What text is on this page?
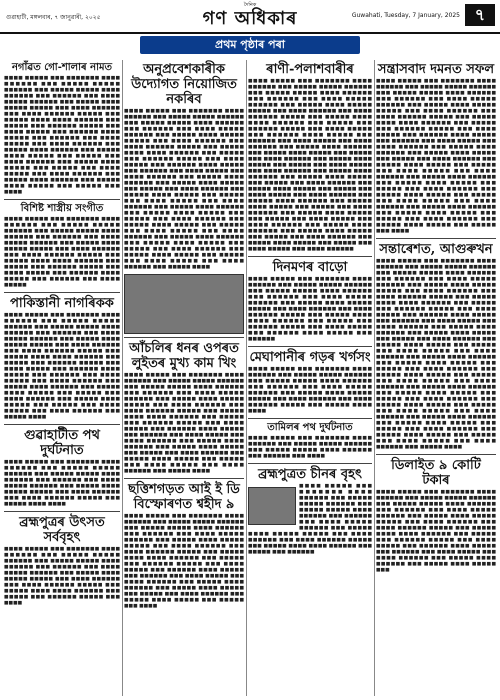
গুৱাহাটী, মঙ্গলবাৰ, ৭ জানুৱাৰী, ২০২৫
দৈনিক
গণ অধিকাৰ	Guwahati, Tuesday, 7 January, 2025 ৭
প্ৰথম পৃষ্ঠাৰ পৰা
নগাঁৱত গো-শালাৰ নামত

■■■■ ■■■■■ ■■■ ■■■■■■■ ■■■■ ■■■■■■ ■■■ ■■■■■ ■■■■■ ■■■■■■ ■■■ ■■■■■ ■■■■■ ■■■■ ■■■■■■ ■■■ ■■■■■■ ■■■ ■■■■ ■■■■■ ■■■■■■ ■■■ ■■■■■ ■■■■ ■■■■■ ■■■■■ ■■■ ■■■■ ■■■■■■ ■■■ ■■■■ ■■■■■■ ■■■■■ ■■■ ■■■■■ ■■■■ ■■■■ ■■■■■■ ■■■ ■■■■■ ■■■ ■■■■■■ ■■■■■ ■■■ ■■■■ ■■■■■ ■■■ ■■■■■■ ■■■■ ■■■■■ ■■■ ■■■■■■ ■■■ ■■■■ ■■■■■ ■■■ ■■■■ ■■■■■■ ■■■ ■■■■■ ■■■■ ■■■■■■ ■■■ ■■■■■ ■■■■ ■■■■■ ■■■ ■■■■■ ■■■ ■■■■ ■■■■■■ ■■■ ■■■■■ ■■■■ ■■■■■ ■■■ ■■■■■ ■■■ ■■■■ ■■■■■ ■■■ ■■■■ ■■■■■■ ■■■ ■■■■■ ■■■■ ■■■■■■ ■■■ ■■■■■ ■■■■ ■■■■■ ■■■ ■■■■■ ■■■ ■■■■

বিশিষ্ট শাস্ত্ৰীয় সংগীত

■■■■ ■■■■■ ■■■ ■■■■■■■ ■■■■ ■■■■■■ ■■■ ■■■■■ ■■■■■ ■■■■■■ ■■■ ■■■■■ ■■■■■ ■■■■ ■■■■■■ ■■■ ■■■■■■ ■■■ ■■■■ ■■■■■ ■■■■■■ ■■■ ■■■■■ ■■■■ ■■■■■ ■■■■■ ■■■ ■■■■ ■■■■■■ ■■■ ■■■■ ■■■■■■ ■■■■■ ■■■ ■■■■■ ■■■■ ■■■■ ■■■■■■ ■■■ ■■■■■ ■■■ ■■■■■■ ■■■■■ ■■■ ■■■■ ■■■■■ ■■■ ■■■■■■ ■■■■ ■■■■■ ■■■ ■■■■■■ ■■■ ■■■■ ■■■■■

পাকিস্তানী নাগৰিকক

■■■■ ■■■■■ ■■■ ■■■■■■■ ■■■■ ■■■■■■ ■■■ ■■■■■ ■■■■■ ■■■■■■ ■■■ ■■■■■ ■■■■■ ■■■■ ■■■■■■ ■■■ ■■■■■■ ■■■ ■■■■ ■■■■■ ■■■■■■ ■■■ ■■■■■ ■■■■ ■■■■■ ■■■■■ ■■■ ■■■■ ■■■■■■ ■■■ ■■■■ ■■■■■■ ■■■■■ ■■■ ■■■■■ ■■■■ ■■■■ ■■■■■■ ■■■ ■■■■■ ■■■ ■■■■■■ ■■■■■ ■■■ ■■■■ ■■■■■ ■■■ ■■■■■■ ■■■■ ■■■■■ ■■■ ■■■■■■ ■■■ ■■■■ ■■■■■ ■■■ ■■■■ ■■■■■■ ■■■ ■■■■■ ■■■■ ■■■■■■ ■■■ ■■■■■ ■■■■ ■■■■■ ■■■ ■■■■■ ■■■ ■■■■ ■■■■■■ ■■■ ■■■■■ ■■■■ ■■■■■ ■■■ ■■■■■ ■■■ ■■■■ ■■■■■ ■■■ ■■■■ ■■■■■■ ■■■ ■■■■■ ■■■■

গুৱাহাটীত পথ দুৰ্ঘটনাত

■■■■ ■■■■■ ■■■ ■■■■■■■ ■■■■ ■■■■■■ ■■■ ■■■■■ ■■■■■ ■■■■■■ ■■■ ■■■■■ ■■■■■ ■■■■ ■■■■■■ ■■■ ■■■■■■ ■■■ ■■■■ ■■■■■ ■■■■■■ ■■■ ■■■■■ ■■■■ ■■■■■ ■■■■■ ■■■ ■■■■ ■■■■■■ ■■■ ■■■■ ■■■■■■ ■■■■■ ■■■ ■■■■■ ■■■■ ■■■■

ব্ৰহ্মপুত্ৰৰ উৎসত সৰ্ববৃহৎ

■■■■ ■■■■■ ■■■ ■■■■■■■ ■■■■ ■■■■■■ ■■■ ■■■■■ ■■■■■ ■■■■■■ ■■■ ■■■■■ ■■■■■ ■■■■ ■■■■■■ ■■■ ■■■■■■ ■■■ ■■■■ ■■■■■ ■■■■■■ ■■■ ■■■■■ ■■■■ ■■■■■ ■■■■■ ■■■ ■■■■ ■■■■■■ ■■■ ■■■■ ■■■■■■ ■■■■■ ■■■ ■■■■■ ■■■■ ■■■■ ■■■■■■ ■■■ ■■■■■ ■■■ ■■■■■■ ■■■■■ ■■■ ■■■■

অনুপ্ৰবেশকাৰীক উদ্যোগত নিয়োজিত নকৰিব

■■■■ ■■■■■ ■■■ ■■■■■■■ ■■■■ ■■■■■■ ■■■ ■■■■■ ■■■■■ ■■■■■■ ■■■ ■■■■■ ■■■■■ ■■■■ ■■■■■■ ■■■ ■■■■■■ ■■■ ■■■■ ■■■■■ ■■■■■■ ■■■ ■■■■■ ■■■■ ■■■■■ ■■■■■ ■■■ ■■■■ ■■■■■■ ■■■ ■■■■ ■■■■■■ ■■■■■ ■■■ ■■■■■ ■■■■ ■■■■ ■■■■■■ ■■■ ■■■■■ ■■■ ■■■■■■ ■■■■■ ■■■ ■■■■ ■■■■■ ■■■ ■■■■■■ ■■■■ ■■■■■ ■■■ ■■■■■■ ■■■ ■■■■ ■■■■■ ■■■ ■■■■ ■■■■■■ ■■■ ■■■■■ ■■■■ ■■■■■■ ■■■ ■■■■■ ■■■■ ■■■■■ ■■■ ■■■■■ ■■■ ■■■■ ■■■■■■ ■■■ ■■■■■ ■■■■ ■■■■■ ■■■ ■■■■■ ■■■ ■■■■ ■■■■■ ■■■ ■■■■ ■■■■■■ ■■■ ■■■■■ ■■■■ ■■■■■■ ■■■ ■■■■■ ■■■■ ■■■■■ ■■■ ■■■■■ ■■■ ■■■■ ■■■■■■ ■■■ ■■■■■ ■■■■ ■■■■■ ■■■ ■■■■■ ■■■ ■■■■ ■■■■■ ■■■ ■■■■ ■■■■■■ ■■■ ■■■■■ ■■■■ ■■■■■■ ■■■ ■■■■■ ■■■■ ■■■■■ ■■■ ■■■■■ ■■■ ■■■■ ■■■■■■ ■■■ ■■■■■ ■■■■ ■■■■■ ■■■ ■■■■■ ■■■ ■■■■ ■■■■■ ■■■ ■■■■ ■■■■■■ ■■■ ■■■■■ ■■■■

আঁচলিৰ ধনৰ ওপৰত লুইতৰ মুখ্য কাম খিং

■■■■ ■■■■■ ■■■ ■■■■■■■ ■■■■ ■■■■■■ ■■■ ■■■■■ ■■■■■ ■■■■■■ ■■■ ■■■■■ ■■■■■ ■■■■ ■■■■■■ ■■■ ■■■■■■ ■■■ ■■■■ ■■■■■ ■■■■■■ ■■■ ■■■■■ ■■■■ ■■■■■ ■■■■■ ■■■ ■■■■ ■■■■■■ ■■■ ■■■■ ■■■■■■ ■■■■■ ■■■ ■■■■■ ■■■■ ■■■■ ■■■■■■ ■■■ ■■■■■ ■■■ ■■■■■■ ■■■■■ ■■■ ■■■■ ■■■■■ ■■■ ■■■■■■ ■■■■ ■■■■■ ■■■ ■■■■■■ ■■■ ■■■■ ■■■■■ ■■■ ■■■■ ■■■■■■ ■■■ ■■■■■ ■■■■ ■■■■■■ ■■■ ■■■■■ ■■■■ ■■■■■ ■■■ ■■■■■ ■■■ ■■■■ ■■■■■■ ■■■ ■■■■■ ■■■■ ■■■■■ ■■■ ■■■■■ ■■■ ■■■■ ■■■■■ ■■■ ■■■■ ■■■■■■ ■■■ ■■■■■ ■■■■

ছত্তিশগড়ত আই ই ডি বিস্ফোৰণত শ্বহীদ ৯

■■■■ ■■■■■ ■■■ ■■■■■■■ ■■■■ ■■■■■■ ■■■ ■■■■■ ■■■■■ ■■■■■■ ■■■ ■■■■■ ■■■■■ ■■■■ ■■■■■■ ■■■ ■■■■■■ ■■■ ■■■■ ■■■■■ ■■■■■■ ■■■ ■■■■■ ■■■■ ■■■■■ ■■■■■ ■■■ ■■■■ ■■■■■■ ■■■ ■■■■ ■■■■■■ ■■■■■ ■■■ ■■■■■ ■■■■ ■■■■ ■■■■■■ ■■■ ■■■■■ ■■■ ■■■■■■ ■■■■■ ■■■ ■■■■ ■■■■■ ■■■ ■■■■■■ ■■■■ ■■■■■ ■■■ ■■■■■■ ■■■ ■■■■ ■■■■■ ■■■ ■■■■ ■■■■■■ ■■■ ■■■■■ ■■■■ ■■■■■■ ■■■ ■■■■■ ■■■■ ■■■■■ ■■■ ■■■■■ ■■■ ■■■■ ■■■■■■ ■■■ ■■■■■ ■■■■ ■■■■■ ■■■ ■■■■■ ■■■ ■■■■

ৰাণী-পলাশবাৰীৰ

■■■■ ■■■■■ ■■■ ■■■■■■■ ■■■■ ■■■■■■ ■■■ ■■■■■ ■■■■■ ■■■■■■ ■■■ ■■■■■ ■■■■■ ■■■■ ■■■■■■ ■■■ ■■■■■■ ■■■ ■■■■ ■■■■■ ■■■■■■ ■■■ ■■■■■ ■■■■ ■■■■■ ■■■■■ ■■■ ■■■■ ■■■■■■ ■■■ ■■■■ ■■■■■■ ■■■■■ ■■■ ■■■■■ ■■■■ ■■■■ ■■■■■■ ■■■ ■■■■■ ■■■ ■■■■■■ ■■■■■ ■■■ ■■■■ ■■■■■ ■■■ ■■■■■■ ■■■■ ■■■■■ ■■■ ■■■■■■ ■■■ ■■■■ ■■■■■ ■■■ ■■■■ ■■■■■■ ■■■ ■■■■■ ■■■■ ■■■■■■ ■■■ ■■■■■ ■■■■ ■■■■■ ■■■ ■■■■■ ■■■ ■■■■ ■■■■■■ ■■■ ■■■■■ ■■■■ ■■■■■ ■■■ ■■■■■ ■■■ ■■■■ ■■■■■ ■■■ ■■■■ ■■■■■■ ■■■ ■■■■■ ■■■■ ■■■■■■ ■■■ ■■■■■ ■■■■ ■■■■■ ■■■ ■■■■■ ■■■ ■■■■ ■■■■■■ ■■■ ■■■■■ ■■■■ ■■■■■ ■■■ ■■■■■ ■■■ ■■■■ ■■■■■ ■■■ ■■■■ ■■■■■■ ■■■ ■■■■■ ■■■■ ■■■■■■ ■■■ ■■■■■ ■■■■ ■■■■■ ■■■ ■■■■■ ■■■ ■■■■ ■■■■■■ ■■■ ■■■■■ ■■■■ ■■■■■ ■■■ ■■■■■ ■■■ ■■■■ ■■■■■ ■■■ ■■■■ ■■■■■■ ■■■ ■■■■■ ■■■■ ■■■■■■ ■■■ ■■■■■ ■■■■ ■■■■■ ■■■ ■■■■■ ■■■ ■■■■ ■■■■■■ ■■■ ■■■■■ ■■■■ ■■■■■ ■■■ ■■■■■ ■■■ ■■■■ ■■■■■ ■■■ ■■■■ ■■■■■■

দিনমণৰ বাড়ো

■■■■ ■■■■■ ■■■ ■■■■■■■ ■■■■ ■■■■■■ ■■■ ■■■■■ ■■■■■ ■■■■■■ ■■■ ■■■■■ ■■■■■ ■■■■ ■■■■■■ ■■■ ■■■■■■ ■■■ ■■■■ ■■■■■ ■■■■■■ ■■■ ■■■■■ ■■■■ ■■■■■ ■■■■■ ■■■ ■■■■ ■■■■■■ ■■■ ■■■■ ■■■■■■ ■■■■■ ■■■ ■■■■■ ■■■■ ■■■■ ■■■■■■ ■■■ ■■■■■ ■■■ ■■■■■■ ■■■■■ ■■■ ■■■■ ■■■■■ ■■■ ■■■■■■ ■■■■ ■■■■■ ■■■ ■■■■■■

মেঘাপানীৰ গড়ৰ খৰ্গসং

■■■■ ■■■■■ ■■■ ■■■■■■■ ■■■■ ■■■■■■ ■■■ ■■■■■ ■■■■■ ■■■■■■ ■■■ ■■■■■ ■■■■■ ■■■■ ■■■■■■ ■■■ ■■■■■■ ■■■ ■■■■ ■■■■■ ■■■■■■ ■■■ ■■■■■ ■■■■ ■■■■■ ■■■■■ ■■■ ■■■■ ■■■■■■ ■■■ ■■■■ ■■■■■■ ■■■■■ ■■■ ■■■■■ ■■■■ ■■■■

তামিলৰ পথ দুৰ্ঘটনাত

■■■■ ■■■■■ ■■■ ■■■■■■■ ■■■■ ■■■■■■ ■■■ ■■■■■ ■■■■■ ■■■■■■ ■■■ ■■■■■ ■■■■■ ■■■■ ■■■■■■ ■■■ ■■■■■■ ■■■ ■■■■

ব্ৰহ্মপুত্ৰত চীনৰ বৃহৎ

■■■■ ■■■■■ ■■■ ■■■■■■■ ■■■■ ■■■■■■ ■■■ ■■■■■ ■■■■■ ■■■■■■ ■■■ ■■■■■ ■■■■■ ■■■■ ■■■■■■ ■■■ ■■■■■■ ■■■ ■■■■ ■■■■■ ■■■■■■ ■■■ ■■■■■ ■■■■ ■■■■■ ■■■■■ ■■■ ■■■■ ■■■■■■ ■■■ ■■■■ ■■■■■■ ■■■■■ ■■■ ■■■■■ ■■■■ ■■■■ ■■■■■■ ■■■ ■■■■■ ■■■ ■■■■■■

সন্ত্ৰাসবাদ দমনত সফল

■■■■ ■■■■■ ■■■ ■■■■■■■ ■■■■ ■■■■■■ ■■■ ■■■■■ ■■■■■ ■■■■■■ ■■■ ■■■■■ ■■■■■ ■■■■ ■■■■■■ ■■■ ■■■■■■ ■■■ ■■■■ ■■■■■ ■■■■■■ ■■■ ■■■■■ ■■■■ ■■■■■ ■■■■■ ■■■ ■■■■ ■■■■■■ ■■■ ■■■■ ■■■■■■ ■■■■■ ■■■ ■■■■■ ■■■■ ■■■■ ■■■■■■ ■■■ ■■■■■ ■■■ ■■■■■■ ■■■■■ ■■■ ■■■■ ■■■■■ ■■■ ■■■■■■ ■■■■ ■■■■■ ■■■ ■■■■■■ ■■■ ■■■■ ■■■■■ ■■■ ■■■■ ■■■■■■ ■■■ ■■■■■ ■■■■ ■■■■■■ ■■■ ■■■■■ ■■■■ ■■■■■ ■■■ ■■■■■ ■■■ ■■■■ ■■■■■■ ■■■ ■■■■■ ■■■■ ■■■■■ ■■■ ■■■■■ ■■■ ■■■■ ■■■■■ ■■■ ■■■■ ■■■■■■ ■■■ ■■■■■ ■■■■ ■■■■■■ ■■■ ■■■■■ ■■■■ ■■■■■ ■■■ ■■■■■ ■■■ ■■■■ ■■■■■■ ■■■ ■■■■■ ■■■■ ■■■■■ ■■■ ■■■■■ ■■■ ■■■■ ■■■■■ ■■■ ■■■■ ■■■■■■ ■■■ ■■■■■ ■■■■ ■■■■■■ ■■■ ■■■■■ ■■■■ ■■■■■ ■■■ ■■■■■ ■■■ ■■■■ ■■■■■■ ■■■ ■■■■■ ■■■■ ■■■■■ ■■■ ■■■■■ ■■■ ■■■■

সন্তাৰেশত, আগুৰুখন

■■■■ ■■■■■ ■■■ ■■■■■■■ ■■■■ ■■■■■■ ■■■ ■■■■■ ■■■■■ ■■■■■■ ■■■ ■■■■■ ■■■■■ ■■■■ ■■■■■■ ■■■ ■■■■■■ ■■■ ■■■■ ■■■■■ ■■■■■■ ■■■ ■■■■■ ■■■■ ■■■■■ ■■■■■ ■■■ ■■■■ ■■■■■■ ■■■ ■■■■ ■■■■■■ ■■■■■ ■■■ ■■■■■ ■■■■ ■■■■ ■■■■■■ ■■■ ■■■■■ ■■■ ■■■■■■ ■■■■■ ■■■ ■■■■ ■■■■■ ■■■ ■■■■■■ ■■■■ ■■■■■ ■■■ ■■■■■■ ■■■ ■■■■ ■■■■■ ■■■ ■■■■ ■■■■■■ ■■■ ■■■■■ ■■■■ ■■■■■■ ■■■ ■■■■■ ■■■■ ■■■■■ ■■■ ■■■■■ ■■■ ■■■■ ■■■■■■ ■■■ ■■■■■ ■■■■ ■■■■■ ■■■ ■■■■■ ■■■ ■■■■ ■■■■■ ■■■ ■■■■ ■■■■■■ ■■■ ■■■■■ ■■■■ ■■■■■■ ■■■ ■■■■■ ■■■■ ■■■■■ ■■■ ■■■■■ ■■■ ■■■■ ■■■■■■ ■■■ ■■■■■ ■■■■ ■■■■■ ■■■ ■■■■■ ■■■ ■■■■ ■■■■■ ■■■ ■■■■ ■■■■■■ ■■■ ■■■■■ ■■■■ ■■■■■■ ■■■ ■■■■■ ■■■■ ■■■■■ ■■■ ■■■■■ ■■■ ■■■■ ■■■■■■ ■■■ ■■■■■ ■■■■ ■■■■■ ■■■ ■■■■■ ■■■ ■■■■ ■■■■■ ■■■ ■■■■ ■■■■■■ ■■■ ■■■■■ ■■■■ ■■■■■■ ■■■ ■■■■■ ■■■■ ■■■■■ ■■■ ■■■■■ ■■■ ■■■■ ■■■■■■ ■■■ ■■■■■ ■■■■ ■■■■■ ■■■ ■■■■■ ■■■ ■■■■ ■■■■■ ■■■ ■■■■ ■■■■■■ ■■■ ■■■■■ ■■■■

ডিলাইত ৯ কোটি টকাৰ

■■■■ ■■■■■ ■■■ ■■■■■■■ ■■■■ ■■■■■■ ■■■ ■■■■■ ■■■■■ ■■■■■■ ■■■ ■■■■■ ■■■■■ ■■■■ ■■■■■■ ■■■ ■■■■■■ ■■■ ■■■■ ■■■■■ ■■■■■■ ■■■ ■■■■■ ■■■■ ■■■■■ ■■■■■ ■■■ ■■■■ ■■■■■■ ■■■ ■■■■ ■■■■■■ ■■■■■ ■■■ ■■■■■ ■■■■ ■■■■ ■■■■■■ ■■■ ■■■■■ ■■■ ■■■■■■ ■■■■■ ■■■ ■■■■ ■■■■■ ■■■ ■■■■■■ ■■■■ ■■■■■ ■■■ ■■■■■■ ■■■ ■■■■ ■■■■■ ■■■ ■■■■ ■■■■■■ ■■■ ■■■■■ ■■■■ ■■■■■■ ■■■ ■■■■■ ■■■■ ■■■■■ ■■■
